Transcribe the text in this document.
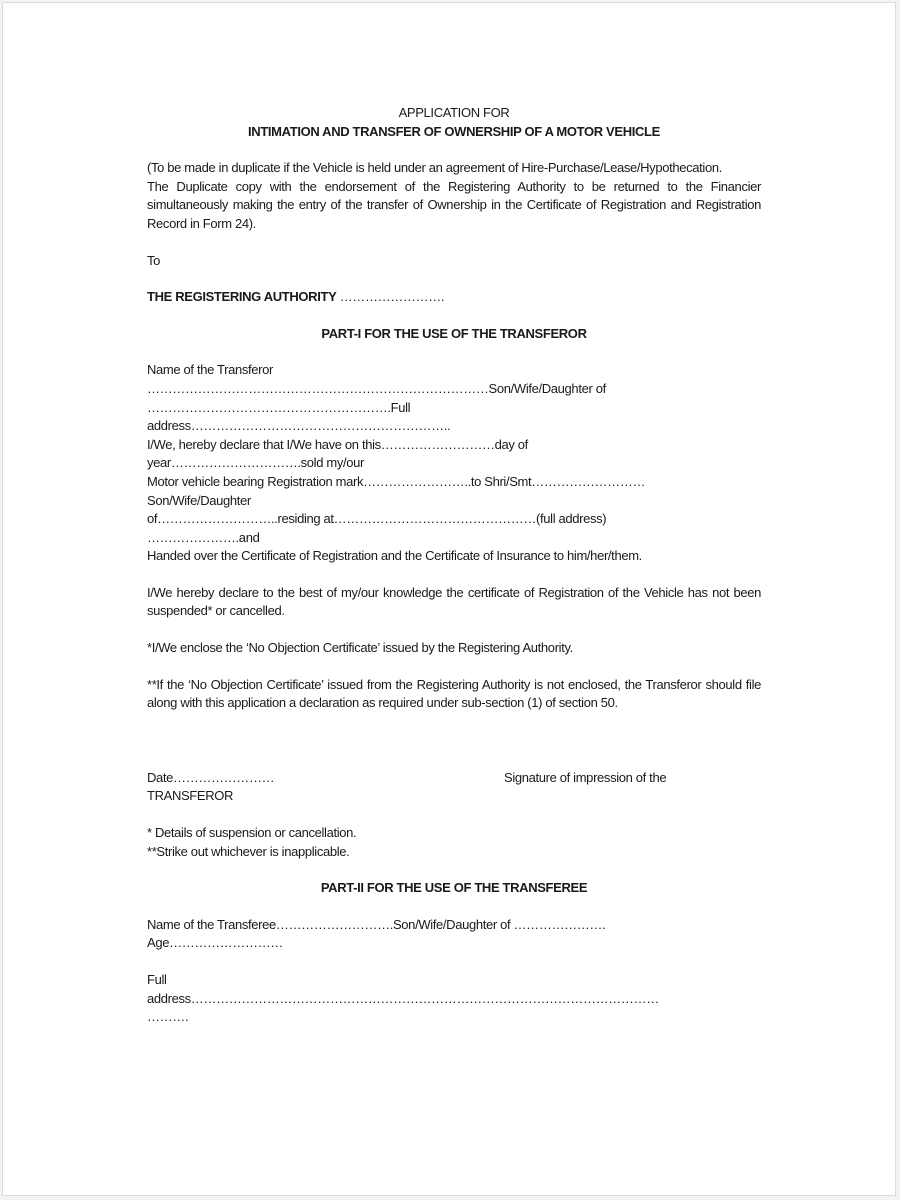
APPLICATION FOR
INTIMATION AND TRANSFER OF OWNERSHIP OF A MOTOR VEHICLE
(To be made in duplicate if the Vehicle is held under an agreement of Hire-Purchase/Lease/Hypothecation.
The Duplicate copy with the endorsement of the Registering Authority to be returned to the Financier simultaneously making the entry of the transfer of Ownership in the Certificate of Registration and Registration Record in Form 24).
To
THE REGISTERING AUTHORITY …………………….
PART-I FOR THE USE OF THE TRANSFEROR
Name of the Transferor
………………………………………………………………………Son/Wife/Daughter of
………………………………………………….Full
address……………………………………………………..
I/We, hereby declare that I/We have on this………………………day of
year………………………….sold my/our
Motor vehicle bearing Registration mark……………………..to Shri/Smt………………………
Son/Wife/Daughter
of………………………..residing at…………………………………………(full address)
………………….and
Handed over the Certificate of Registration and the Certificate of Insurance to him/her/them.
I/We hereby declare to the best of my/our knowledge the certificate of Registration of the Vehicle has not been suspended* or cancelled.
*I/We enclose the ‘No Objection Certificate’ issued by the Registering Authority.
**If the ‘No Objection Certificate’ issued from the Registering Authority is not enclosed, the Transferor should file along with this application a declaration as required under sub-section (1) of section 50.
Date……………………	Signature of impression of the
TRANSFEROR
* Details of suspension or cancellation.
**Strike out whichever is inapplicable.
PART-II FOR THE USE OF THE TRANSFEREE
Name of the Transferee……………………….Son/Wife/Daughter of ………………….
Age………………………
Full
address…………………………………………………………………………………………………
……….
